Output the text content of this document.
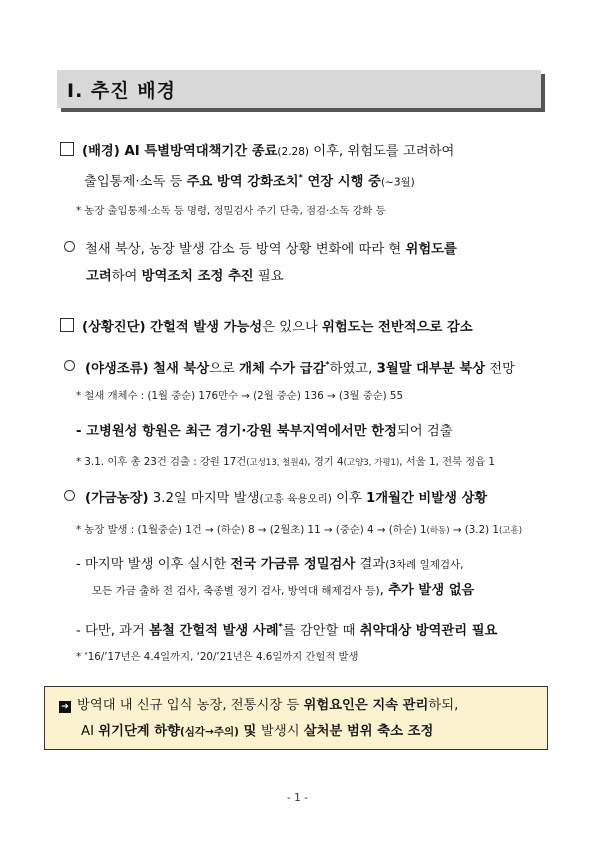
Ⅰ. 추진 배경
(배경) AI 특별방역대책기간 종료(2.28) 이후, 위험도를 고려하여
출입통제·소독 등 주요 방역 강화조치* 연장 시행 중(~3월)
* 농장 출입통제·소독 등 명령, 정밀검사 주기 단축, 점검·소독 강화 등
철새 북상, 농장 발생 감소 등 방역 상황 변화에 따라 현 위험도를
고려하여 방역조치 조정 추진 필요
(상황진단) 간헐적 발생 가능성은 있으나 위험도는 전반적으로 감소
(야생조류) 철새 북상으로 개체 수가 급감*하였고, 3월말 대부분 북상 전망
* 철새 개체수 : (1월 중순) 176만수 → (2월 중순) 136 → (3월 중순) 55
- 고병원성 항원은 최근 경기·강원 북부지역에서만 한정되어 검출
* 3.1. 이후 총 23건 검출 : 강원 17건(고성13, 철원4), 경기 4(고양3, 가평1), 서울 1, 전북 정읍 1
(가금농장) 3.2일 마지막 발생(고흥 육용오리) 이후 1개월간 비발생 상황
* 농장 발생 : (1월중순) 1건 → (하순) 8 → (2월초) 11 → (중순) 4 → (하순) 1(하동) → (3.2) 1(고흥)
- 마지막 발생 이후 실시한 전국 가금류 정밀검사 결과(3차례 일제검사,
모든 가금 출하 전 검사, 축종별 정기 검사, 방역대 해제검사 등), 추가 발생 없음
- 다만, 과거 봄철 간헐적 발생 사례*를 감안할 때 취약대상 방역관리 필요
* ‘16/’17년은 4.4일까지, ‘20/’21년은 4.6일까지 간헐적 발생
➔ 방역대 내 신규 입식 농장, 전통시장 등 위험요인은 지속 관리하되,
AI 위기단계 하향(심각→주의) 및 발생시 살처분 범위 축소 조정
- 1 -
